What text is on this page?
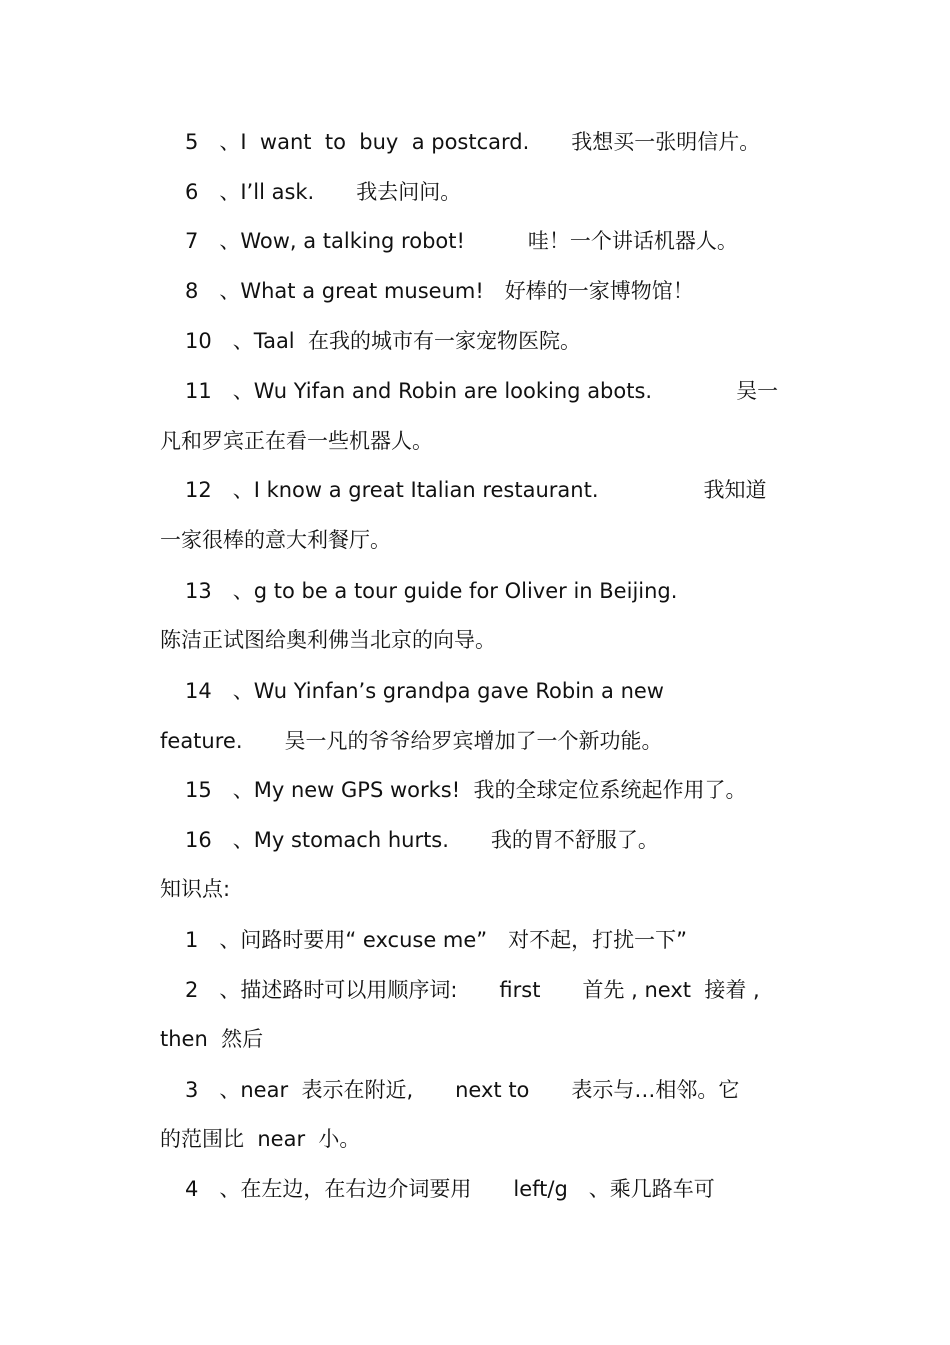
5　、I  want  to  buy  a postcard.　　我想买一张明信片。
6　、I’ll ask.　　我去问问。
7　、Wow, a talking robot!　　　哇！一个讲话机器人。
8　、What a great museum!　好棒的一家博物馆！
10　、Taal  在我的城市有一家宠物医院。
11　、Wu Yifan and Robin are looking abots.　　　　吴一
凡和罗宾正在看一些机器人。
12　、I know a great Italian restaurant.　　　　　我知道
一家很棒的意大利餐厅。
13　、g to be a tour guide for Oliver in Beijing.
陈洁正试图给奥利佛当北京的向导。
14　、Wu Yinfan’s grandpa gave Robin a new
feature.　　吴一凡的爷爷给罗宾增加了一个新功能。
15　、My new GPS works!  我的全球定位系统起作用了。
16　、My stomach hurts.　　我的胃不舒服了。
知识点:
1　、问路时要用“ excuse me”　对不起，打扰一下”
2　、描述路时可以用顺序词:　　first　　首先 , next  接着 ,
then  然后
3　、near  表示在附近,　　next to　　表示与…相邻。它
的范围比  near  小。
4　、在左边，在右边介词要用　　left/g　、乘几路车可
